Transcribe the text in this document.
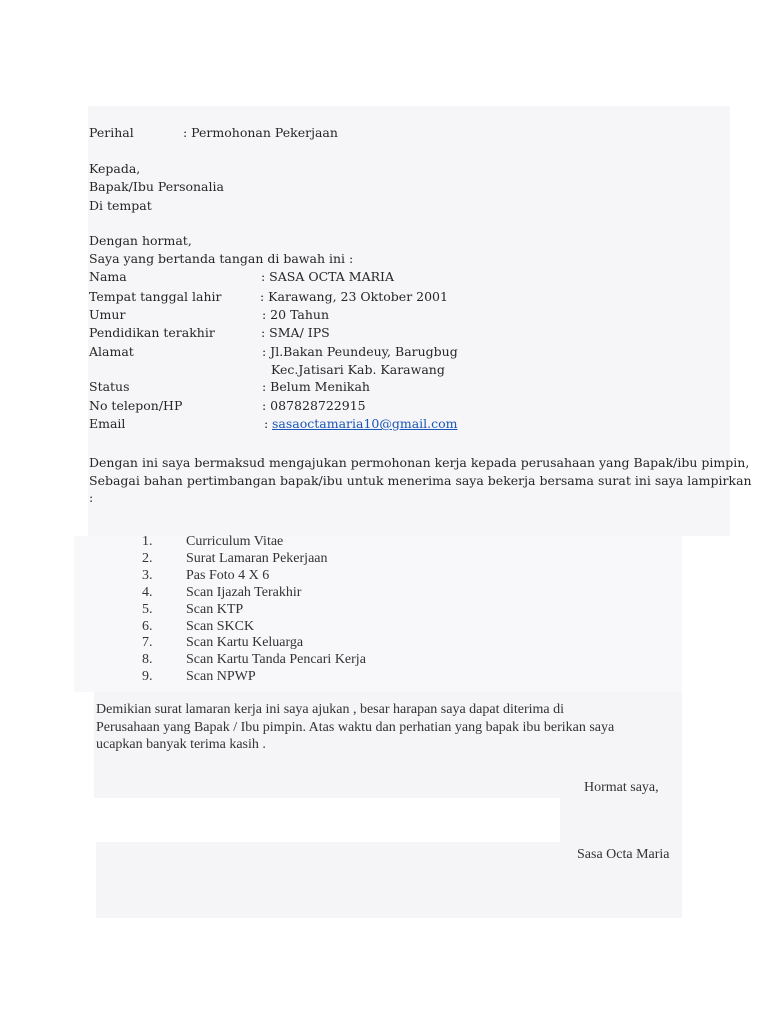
Perihal	: Permohonan Pekerjaan
Kepada,
Bapak/Ibu Personalia
Di tempat
Dengan hormat,
Saya yang bertanda tangan di bawah ini :
Nama	: SASA OCTA MARIA
Tempat tanggal lahir	: Karawang, 23 Oktober 2001
Umur	: 20 Tahun
Pendidikan terakhir	: SMA/ IPS
Alamat	: Jl.Bakan Peundeuy, Barugbug
Kec.Jatisari Kab. Karawang
Status	: Belum Menikah
No telepon/HP	: 087828722915
Email	: sasaoctamaria10@gmail.com
Dengan ini saya bermaksud mengajukan permohonan kerja kepada perusahaan yang Bapak/ibu pimpin,
Sebagai bahan pertimbangan bapak/ibu untuk menerima saya bekerja bersama surat ini saya lampirkan
:
1. Curriculum Vitae
2. Surat Lamaran Pekerjaan
3. Pas Foto 4 X 6
4. Scan Ijazah Terakhir
5. Scan KTP
6. Scan SKCK
7. Scan Kartu Keluarga
8. Scan Kartu Tanda Pencari Kerja
9. Scan NPWP
Demikian surat lamaran kerja ini saya ajukan , besar harapan saya dapat diterima di
Perusahaan yang Bapak / Ibu pimpin. Atas waktu dan perhatian yang bapak ibu berikan saya
ucapkan banyak terima kasih .
Hormat saya,
Sasa Octa Maria
